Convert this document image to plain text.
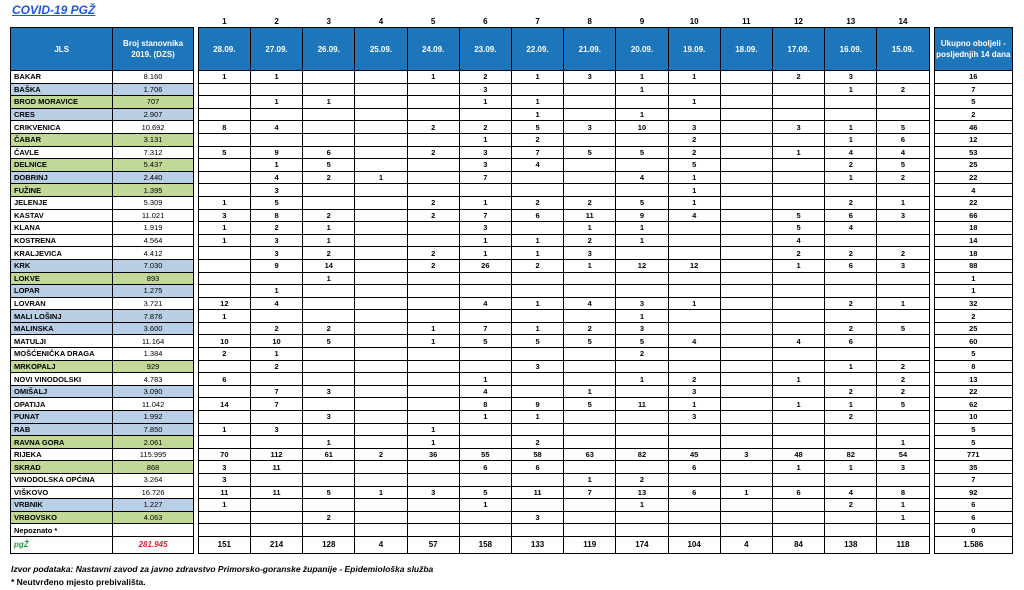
COVID-19 PGŽ
			1	2	3	4	5	6	7	8	9	10	11	12	13	14		
JLS	Broj stanovnika 2019. (DZS)		28.09.	27.09.	26.09.	25.09.	24.09.	23.09.	22.09.	21.09.	20.09.	19.09.	18.09.	17.09.	16.09.	15.09.		Ukupno oboljeli - posljednjih 14 dana
BAKAR	8.160		1	1			1	2	1	3	1	1		2	3			16
BAŠKA	1.706							3			1				1	2		7
BROD MORAVICE	707			1	1			1	1			1						5
CRES	2.907								1		1							2
CRIKVENICA	10.692		8	4			2	2	5	3	10	3		3	1	5		46
ČABAR	3.131							1	2			2			1	6		12
ČAVLE	7.312		5	9	6		2	3	7	5	5	2		1	4	4		53
DELNICE	5.437			1	5			3	4			5			2	5		25
DOBRINJ	2.440			4	2	1		7			4	1			1	2		22
FUŽINE	1.395			3								1						4
JELENJE	5.309		1	5			2	1	2	2	5	1			2	1		22
KASTAV	11.021		3	8	2		2	7	6	11	9	4		5	6	3		66
KLANA	1.919		1	2	1			3		1	1			5	4			18
KOSTRENA	4.564		1	3	1			1	1	2	1			4				14
KRALJEVICA	4.412			3	2		2	1	1	3				2	2	2		18
KRK	7.030			9	14		2	26	2	1	12	12		1	6	3		88
LOKVE	893				1													1
LOPAR	1.275			1														1
LOVRAN	3.721		12	4				4	1	4	3	1			2	1		32
MALI LOŠINJ	7.876		1								1							2
MALINSKA	3.600			2	2		1	7	1	2	3				2	5		25
MATULJI	11.164		10	10	5		1	5	5	5	5	4		4	6			60
MOŠĆENIČKA DRAGA	1.384		2	1							2							5
MRKOPALJ	929			2					3						1	2		8
NOVI VINODOLSKI	4.783		6					1			1	2		1		2		13
OMIŠALJ	3.090			7	3			4		1		3			2	2		22
OPATIJA	11.042		14	7				8	9	5	11	1		1	1	5		62
PUNAT	1.992				3			1	1			3			2			10
RAB	7.850		1	3			1											5
RAVNA GORA	2.061				1		1		2							1		5
RIJEKA	115.995		70	112	61	2	36	55	58	63	82	45	3	48	82	54		771
SKRAD	868		3	11				6	6			6		1	1	3		35
VINODOLSKA OPĆINA	3.264		3							1	2							7
VIŠKOVO	16.726		11	11	5	1	3	5	11	7	13	6	1	6	4	8		92
VRBNIK	1.227		1					1			1				2	1		6
VRBOVSKO	4.063				2				3							1		6
Nepoznato *																		0
pgŽ	281.945		151	214	128	4	57	158	133	119	174	104	4	84	138	118		1.586
Izvor podataka: Nastavni zavod za javno zdravstvo Primorsko-goranske županije - Epidemiološka služba
* Neutvrđeno mjesto prebivališta.
